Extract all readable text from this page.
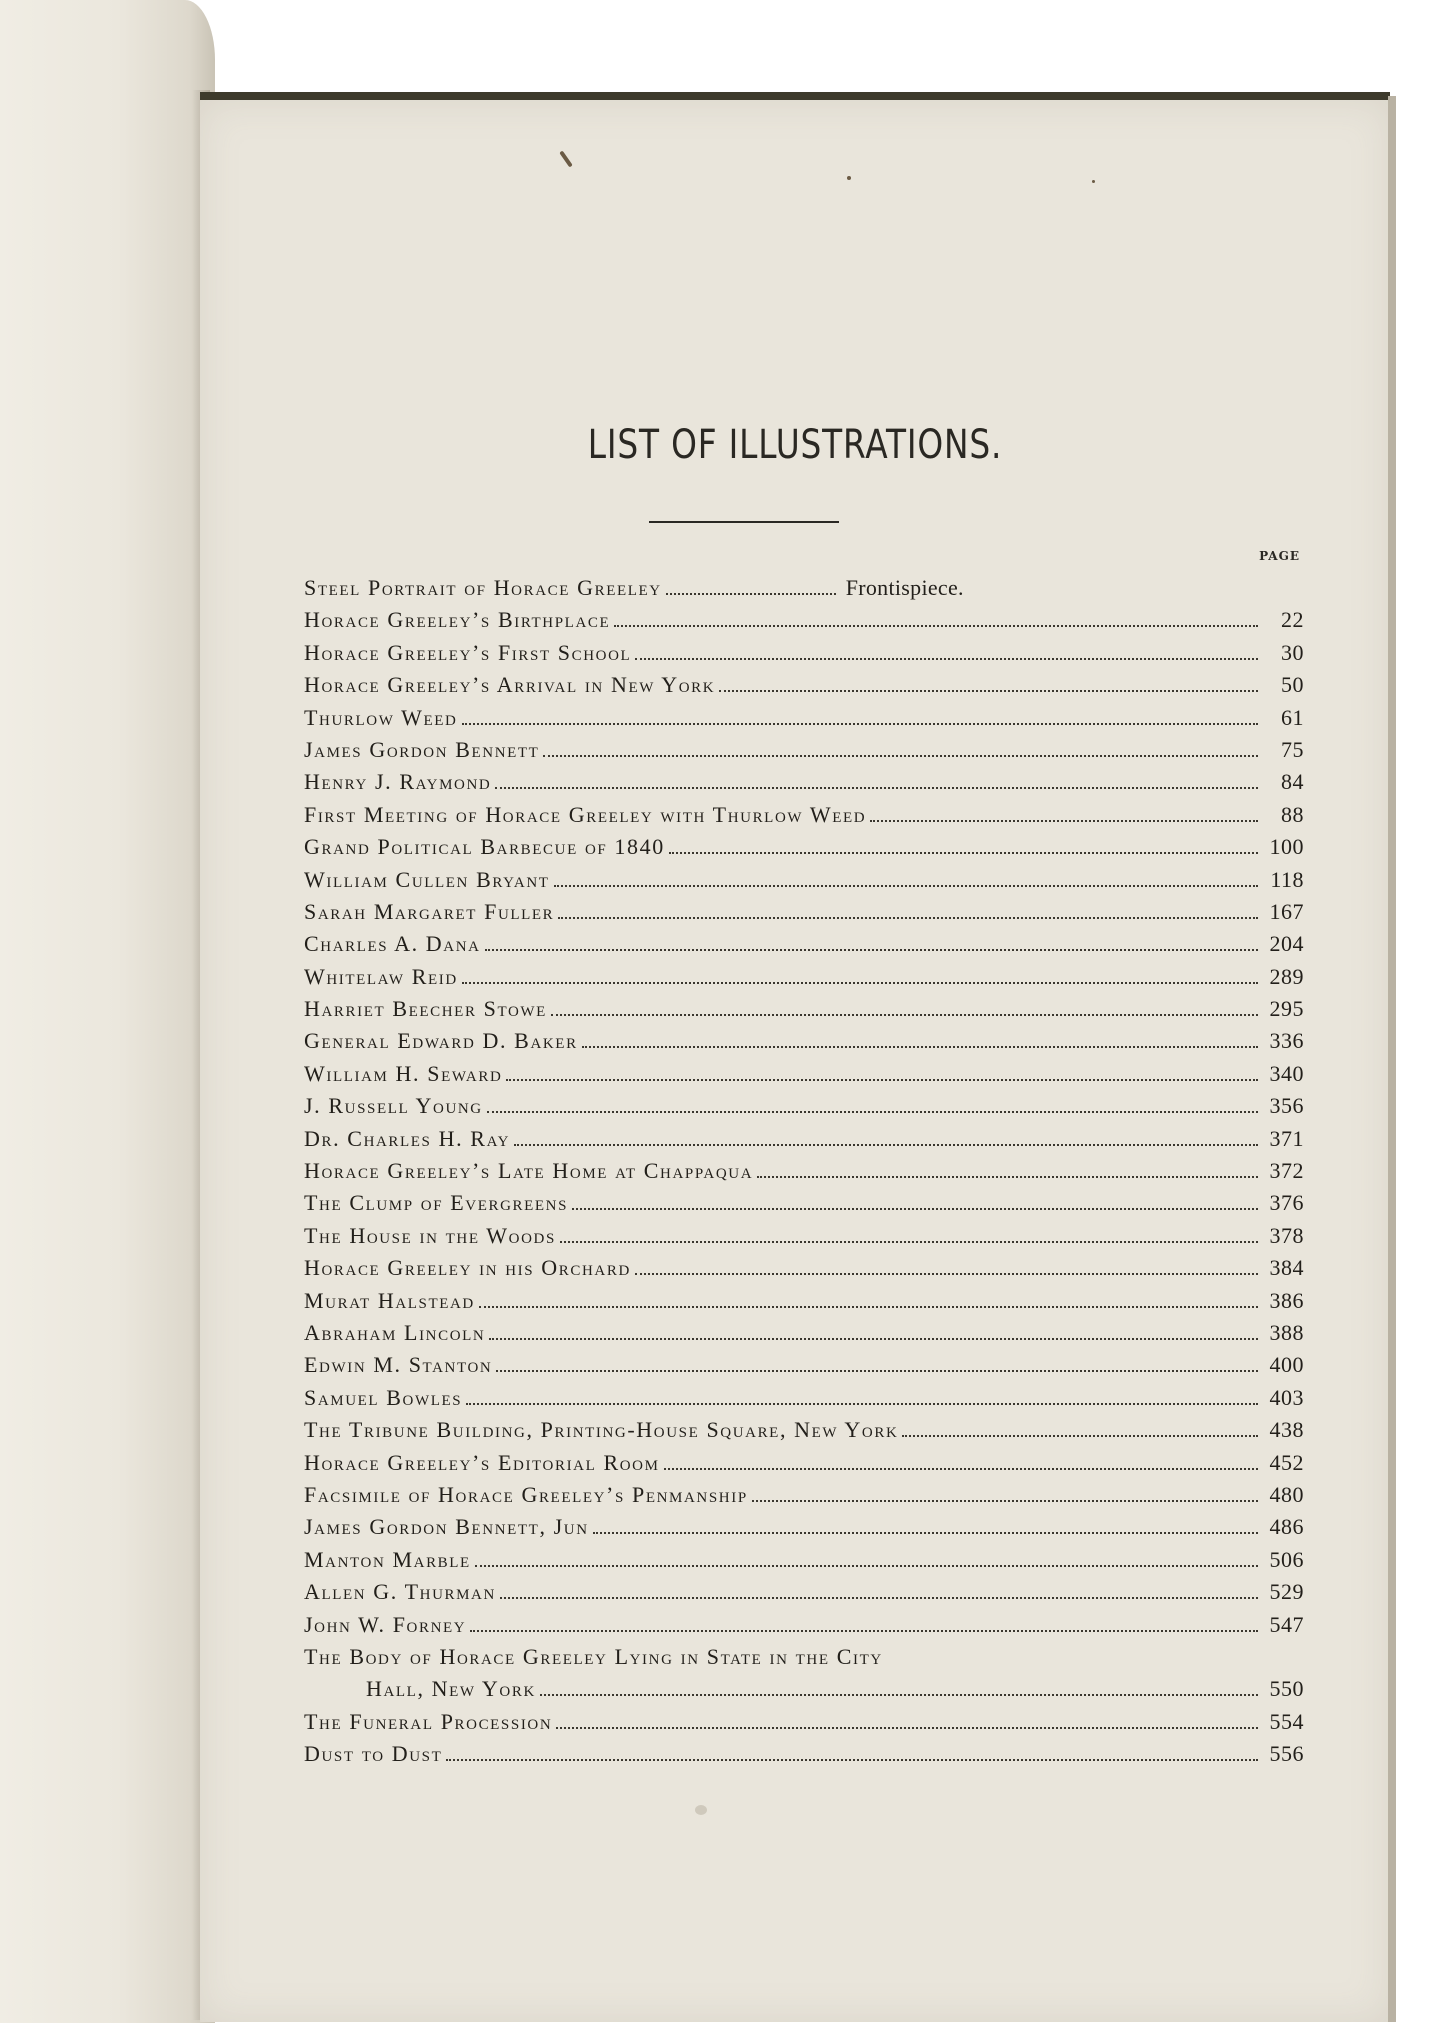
LIST OF ILLUSTRATIONS.
PAGE
Steel Portrait of Horace Greeley	Frontispiece.
Horace Greeley’s Birthplace	22
Horace Greeley’s First School	30
Horace Greeley’s Arrival in New York	50
Thurlow Weed	61
James Gordon Bennett	75
Henry J. Raymond	84
First Meeting of Horace Greeley with Thurlow Weed	88
Grand Political Barbecue of 1840	100
William Cullen Bryant	118
Sarah Margaret Fuller	167
Charles A. Dana	204
Whitelaw Reid	289
Harriet Beecher Stowe	295
General Edward D. Baker	336
William H. Seward	340
J. Russell Young	356
Dr. Charles H. Ray	371
Horace Greeley’s Late Home at Chappaqua	372
The Clump of Evergreens	376
The House in the Woods	378
Horace Greeley in his Orchard	384
Murat Halstead	386
Abraham Lincoln	388
Edwin M. Stanton	400
Samuel Bowles	403
The Tribune Building, Printing-House Square, New York	438
Horace Greeley’s Editorial Room	452
Facsimile of Horace Greeley’s Penmanship	480
James Gordon Bennett, Jun	486
Manton Marble	506
Allen G. Thurman	529
John W. Forney	547
The Body of Horace Greeley Lying in State in the City
Hall, New York	550
The Funeral Procession	554
Dust to Dust	556
